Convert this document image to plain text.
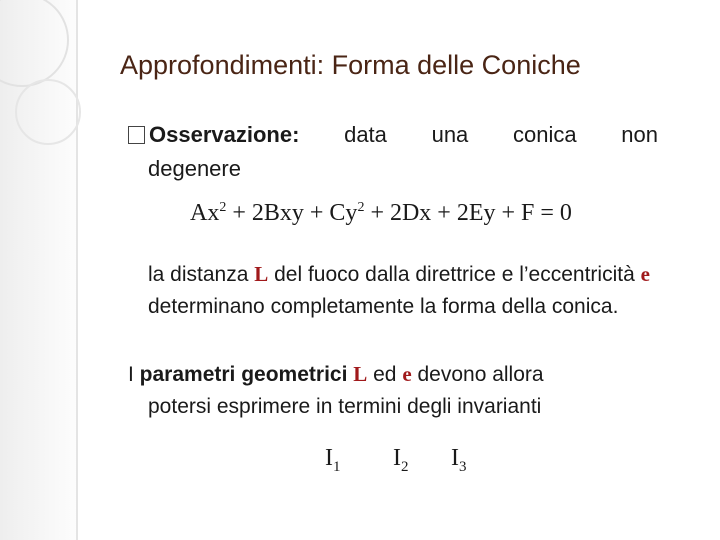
Approfondimenti: Forma delle Coniche
Osservazione: data una conica non
degenere
$Ax^2 + 2Bxy + Cy^2 + 2Dx + 2Ey + F = 0$
la distanza L del fuoco dalla direttrice e l’eccentricità e determinano completamente la forma della conica.
I parametri geometrici L ed e devono allora
potersi esprimere in termini degli invarianti
$I_1$ $I_2$ $I_3$
